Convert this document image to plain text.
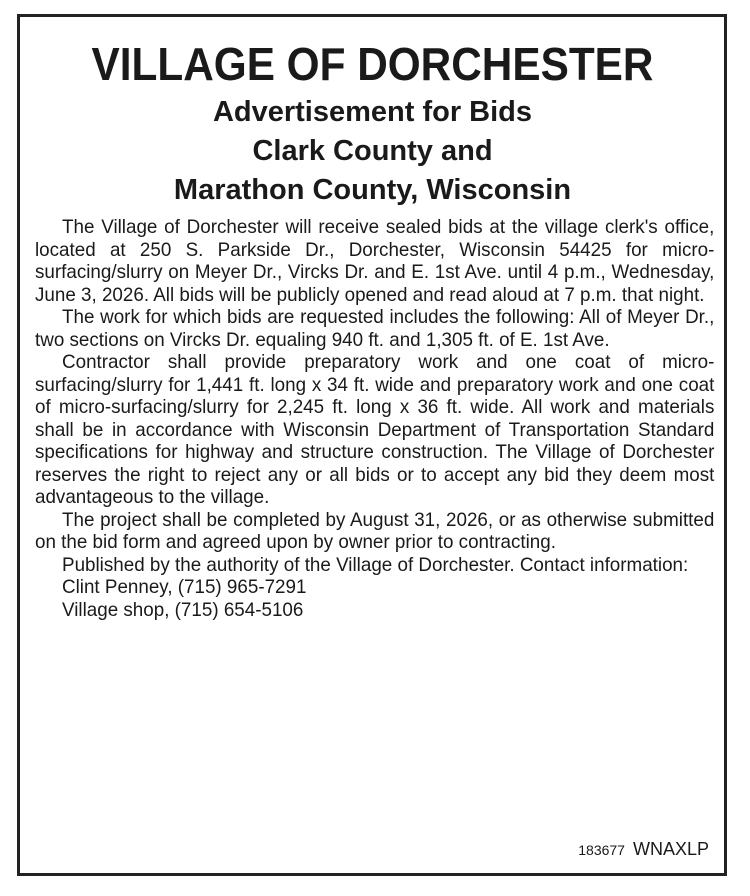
VILLAGE OF DORCHESTER

Advertisement for Bids

Clark County and

Marathon County, Wisconsin

The Village of Dorchester will receive sealed bids at the village clerk's office, located at 250 S. Parkside Dr., Dorchester, Wisconsin 54425 for micro-surfacing/slurry on Meyer Dr., Vircks Dr. and E. 1st Ave. until 4 p.m., Wednesday, June 3, 2026. All bids will be publicly opened and read aloud at 7 p.m. that night.

The work for which bids are requested includes the following: All of Meyer Dr., two sections on Vircks Dr. equaling 940 ft. and 1,305 ft. of E. 1st Ave.

Contractor shall provide preparatory work and one coat of micro-surfacing/slurry for 1,441 ft. long x 34 ft. wide and preparatory work and one coat of micro-surfacing/slurry for 2,245 ft. long x 36 ft. wide. All work and materials shall be in accordance with Wisconsin Department of Transportation Standard specifications for highway and structure construction. The Village of Dorchester reserves the right to reject any or all bids or to accept any bid they deem most advantageous to the village.

The project shall be completed by August 31, 2026, or as otherwise submitted on the bid form and agreed upon by owner prior to contracting.

Published by the authority of the Village of Dorchester. Contact information:

Clint Penney, (715) 965-7291

Village shop, (715) 654-5106

183677 WNAXLP
